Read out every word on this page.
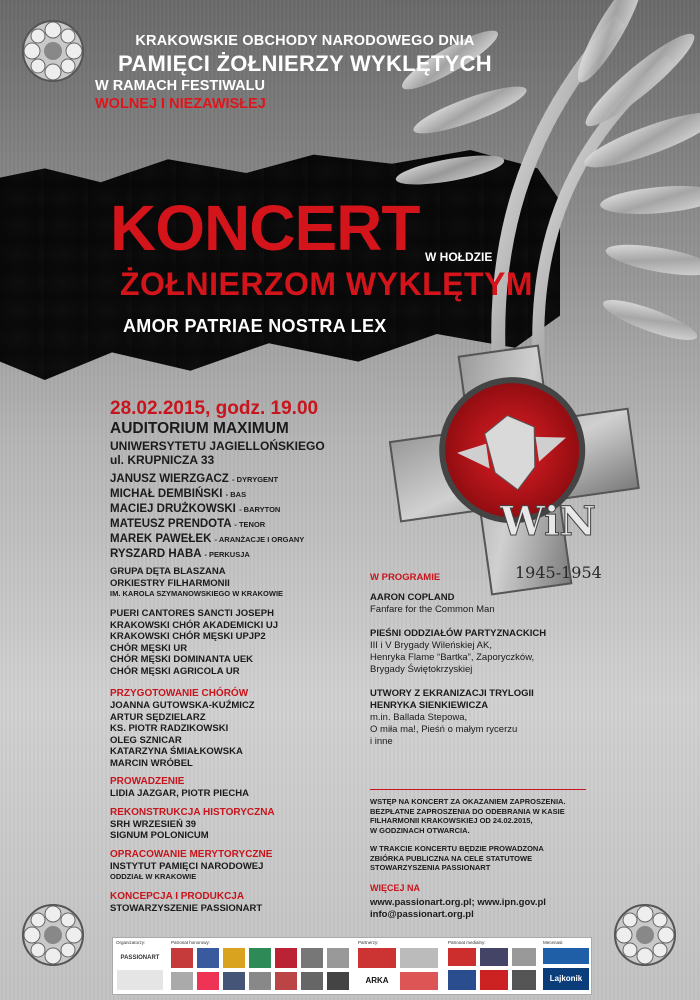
WiN
1945-1954
KRAKOWSKIE OBCHODY NARODOWEGO DNIA
PAMIĘCI ŻOŁNIERZY WYKLĘTYCH
W RAMACH FESTIWALU
WOLNEJ I NIEZAWISŁEJ
KONCERT W HOŁDZIE
ŻOŁNIERZOM WYKLĘTYM
AMOR PATRIAE NOSTRA LEX
28.02.2015, godz. 19.00
AUDITORIUM MAXIMUM
UNIWERSYTETU JAGIELLOŃSKIEGO
ul. KRUPNICZA 33
JANUSZ WIERZGACZ - DYRYGENT
MICHAŁ DEMBIŃSKI - BAS
MACIEJ DRUŻKOWSKI - BARYTON
MATEUSZ PRENDOTA - TENOR
MAREK PAWEŁEK - ARANŻACJE I ORGANY
RYSZARD HABA - PERKUSJA
GRUPA DĘTA BLASZANA
ORKIESTRY FILHARMONII
IM. KAROLA SZYMANOWSKIEGO W KRAKOWIE
PUERI CANTORES SANCTI JOSEPH
KRAKOWSKI CHÓR AKADEMICKI UJ
KRAKOWSKI CHÓR MĘSKI UPJP2
CHÓR MĘSKI UR
CHÓR MĘSKI DOMINANTA UEK
CHÓR MĘSKI AGRICOLA UR
PRZYGOTOWANIE CHÓRÓW
JOANNA GUTOWSKA-KUŹMICZ
ARTUR SĘDZIELARZ
KS. PIOTR RADZIKOWSKI
OLEG SZNICAR
KATARZYNA ŚMIAŁKOWSKA
MARCIN WRÓBEL
PROWADZENIE
LIDIA JAZGAR, PIOTR PIECHA
REKONSTRUKCJA HISTORYCZNA
SRH WRZESIEŃ 39
SIGNUM POLONICUM
OPRACOWANIE MERYTORYCZNE
INSTYTUT PAMIĘCI NARODOWEJ
ODDZIAŁ W KRAKOWIE
KONCEPCJA I PRODUKCJA
STOWARZYSZENIE PASSIONART
W PROGRAMIE
AARON COPLAND
Fanfare for the Common Man
PIEŚNI ODDZIAŁÓW PARTYZNACKICH
III i V Brygady Wileńskiej AK,
Henryka Flame “Bartka”, Zaporyczków,
Brygady Świętokrzyskiej
UTWORY Z EKRANIZACJI TRYLOGII
HENRYKA SIENKIEWICZA
m.in. Ballada Stepowa,
O miła ma!, Pieśń o małym rycerzu
i inne
WSTĘP NA KONCERT ZA OKAZANIEM ZAPROSZENIA.
BEZPŁATNE ZAPROSZENIA DO ODEBRANIA W KASIE
FILHARMONII KRAKOWSKIEJ OD 24.02.2015,
W GODZINACH OTWARCIA.
W TRAKCIE KONCERTU BĘDZIE PROWADZONA
ZBIÓRKA PUBLICZNA NA CELE STATUTOWE
STOWARZYSZENIA PASSIONART
WIĘCEJ NA
www.passionart.org.pl; www.ipn.gov.pl
info@passionart.org.pl
Organizatorzy:	Patronat honorowy:	Partnerzy:	Patronat medialny:	Mecenasi:
PASSIONART
ARKA	Lajkonik
